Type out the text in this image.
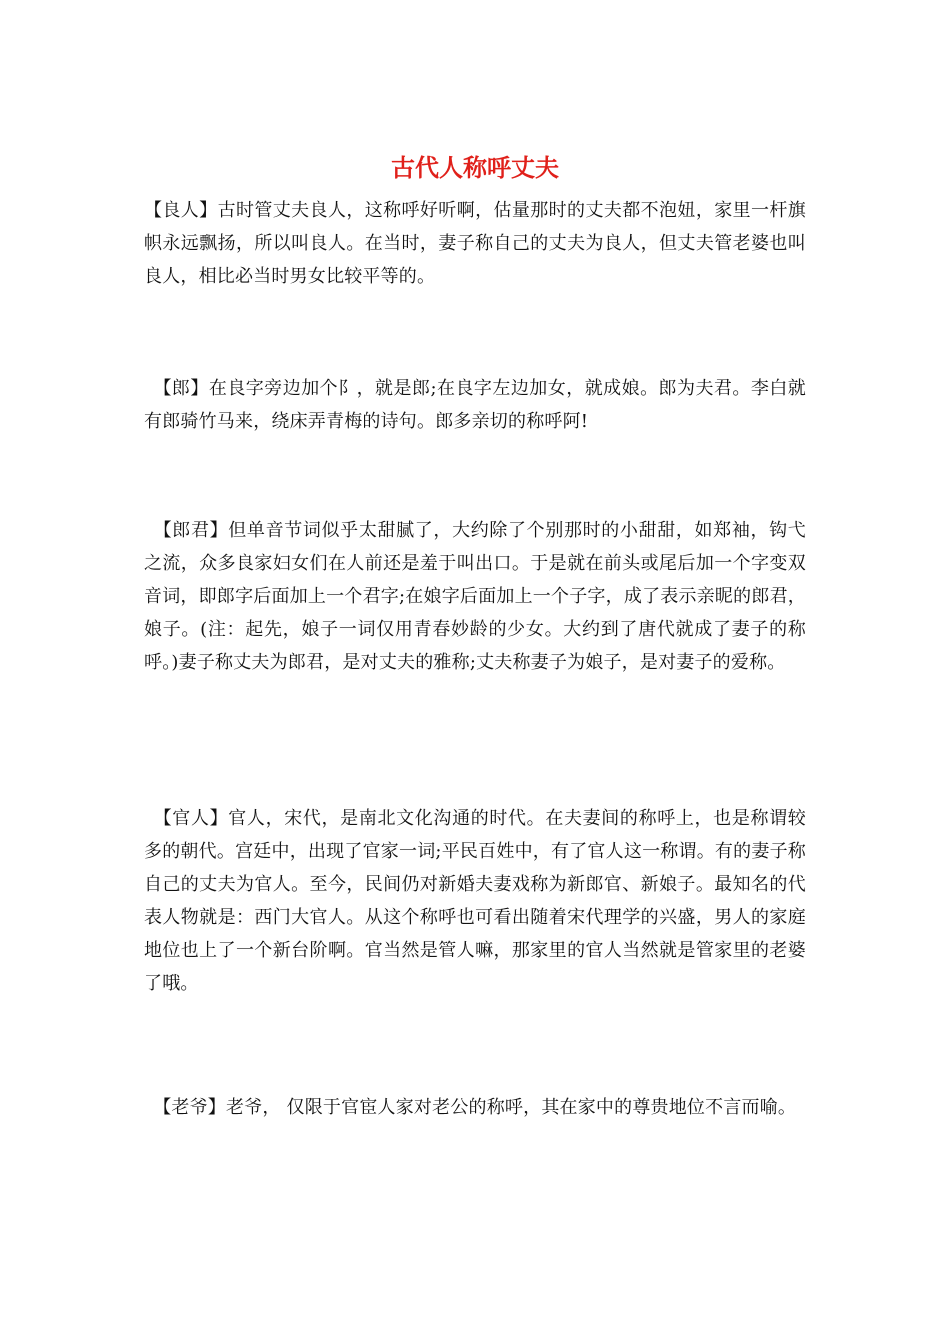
古代人称呼丈夫

【良人】古时管丈夫良人，这称呼好听啊，估量那时的丈夫都不泡妞，家里一杆旗帜永远飘扬，所以叫良人。在当时，妻子称自己的丈夫为良人，但丈夫管老婆也叫良人，相比必当时男女比较平等的。

　【郎】在良字旁边加个阝，就是郎;在良字左边加女，就成娘。郎为夫君。李白就有郎骑竹马来，绕床弄青梅的诗句。郎多亲切的称呼阿!

　【郎君】但单音节词似乎太甜腻了，大约除了个别那时的小甜甜，如郑袖，钩弋之流，众多良家妇女们在人前还是羞于叫出口。于是就在前头或尾后加一个字变双音词，即郎字后面加上一个君字;在娘字后面加上一个子字，成了表示亲昵的郎君，娘子。(注：起先，娘子一词仅用青春妙龄的少女。大约到了唐代就成了妻子的称呼。)妻子称丈夫为郎君，是对丈夫的雅称;丈夫称妻子为娘子，是对妻子的爱称。

　【官人】官人，宋代，是南北文化沟通的时代。在夫妻间的称呼上，也是称谓较多的朝代。宫廷中，出现了官家一词;平民百姓中，有了官人这一称谓。有的妻子称自己的丈夫为官人。至今，民间仍对新婚夫妻戏称为新郎官、新娘子。最知名的代表人物就是：西门大官人。从这个称呼也可看出随着宋代理学的兴盛，男人的家庭地位也上了一个新台阶啊。官当然是管人嘛，那家里的官人当然就是管家里的老婆了哦。

　【老爷】老爷， 仅限于官宦人家对老公的称呼，其在家中的尊贵地位不言而喻。
